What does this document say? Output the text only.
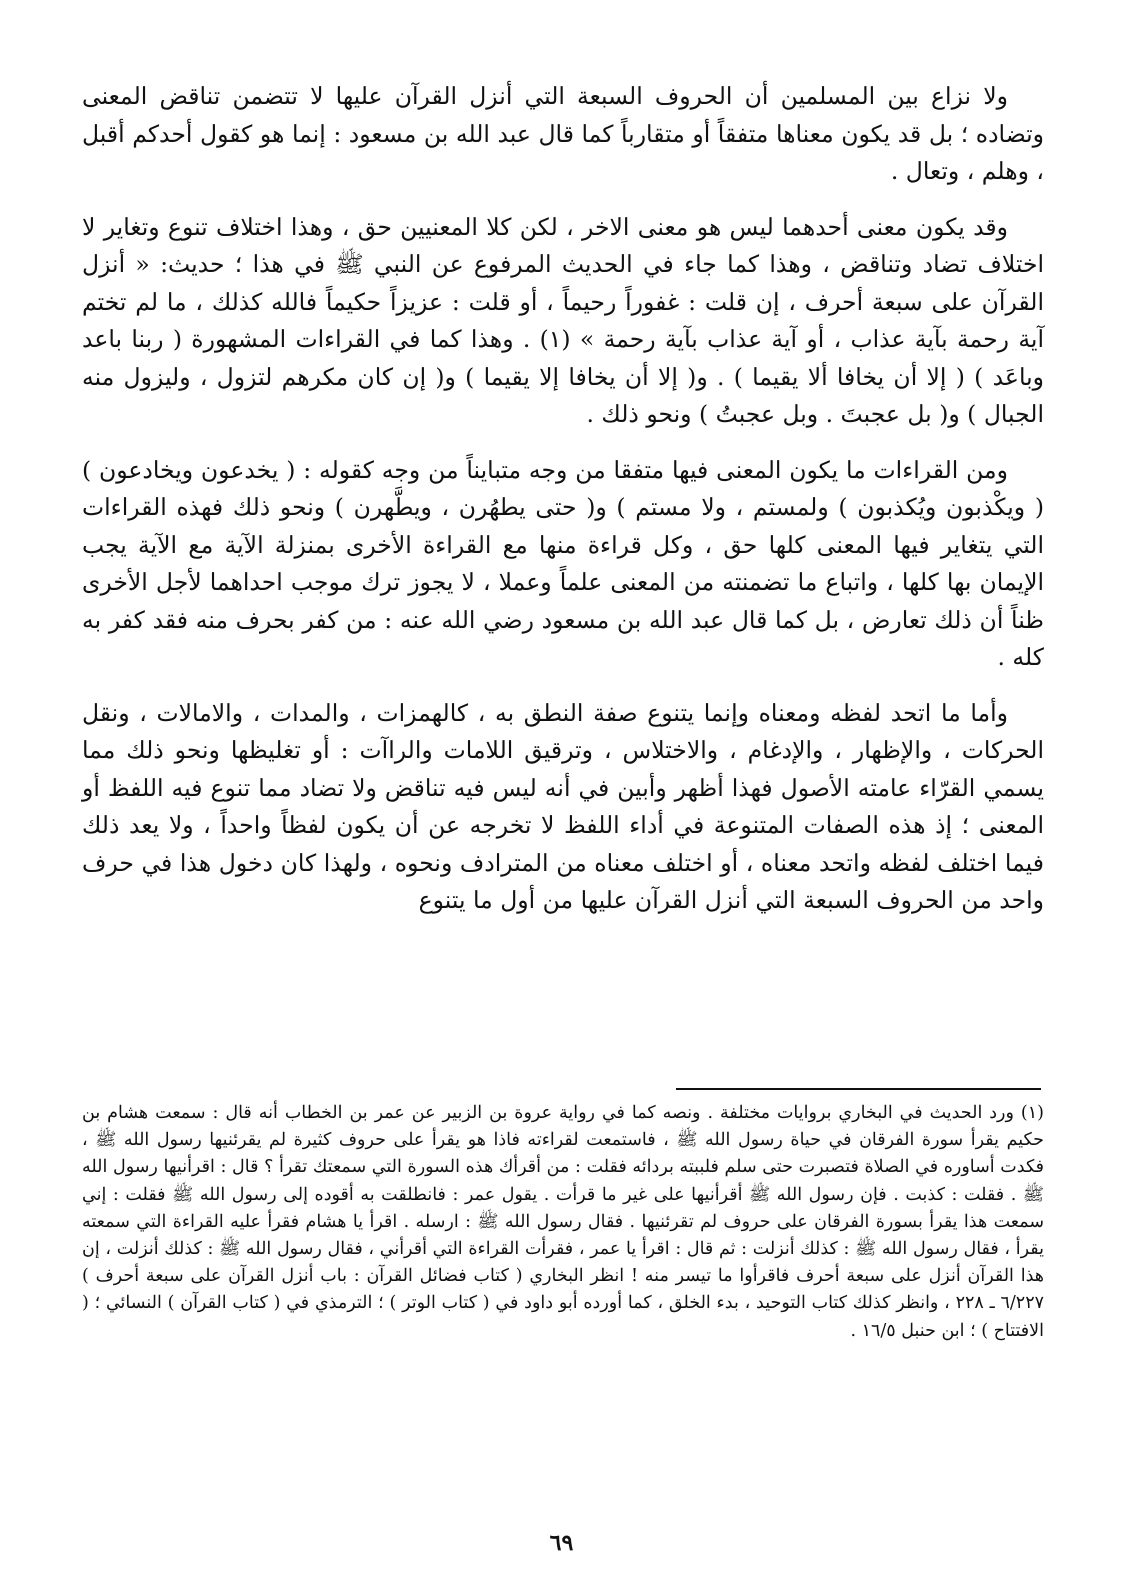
ولا نزاع بين المسلمين أن الحروف السبعة التي أنزل القرآن عليها لا تتضمن تناقض المعنى وتضاده ؛ بل قد يكون معناها متفقاً أو متقارباً كما قال عبد الله بن مسعود : إنما هو كقول أحدكم أقبل ، وهلم ، وتعال .

وقد يكون معنى أحدهما ليس هو معنى الاخر ، لكن كلا المعنيين حق ، وهذا اختلاف تنوع وتغاير لا اختلاف تضاد وتناقض ، وهذا كما جاء في الحديث المرفوع عن النبي ﷺ في هذا ؛ حديث: « أنزل القرآن على سبعة أحرف ، إن قلت : غفوراً رحيماً ، أو قلت : عزيزاً حكيماً فالله كذلك ، ما لم تختم آية رحمة بآية عذاب ، أو آية عذاب بآية رحمة » (١) . وهذا كما في القراءات المشهورة ( ربنا باعد وباعَد ) ( إلا أن يخافا ألا يقيما ) . و( إلا أن يخافا إلا يقيما ) و( إن كان مكرهم لتزول ، وليزول منه الجبال ) و( بل عجبتَ . وبل عجبتُ ) ونحو ذلك .

ومن القراءات ما يكون المعنى فيها متفقا من وجه متبايناً من وجه كقوله : ( يخدعون ويخادعون ) ( ويكْذبون ويُكذبون ) ولمستم ، ولا مستم ) و( حتى يطهُرن ، ويطَّهرن ) ونحو ذلك فهذه القراءات التي يتغاير فيها المعنى كلها حق ، وكل قراءة منها مع القراءة الأخرى بمنزلة الآية مع الآية يجب الإيمان بها كلها ، واتباع ما تضمنته من المعنى علماً وعملا ، لا يجوز ترك موجب احداهما لأجل الأخرى ظناً أن ذلك تعارض ، بل كما قال عبد الله بن مسعود رضي الله عنه : من كفر بحرف منه فقد كفر به كله .

وأما ما اتحد لفظه ومعناه وإنما يتنوع صفة النطق به ، كالهمزات ، والمدات ، والامالات ، ونقل الحركات ، والإظهار ، والإدغام ، والاختلاس ، وترقيق اللامات والراآت : أو تغليظها ونحو ذلك مما يسمي القرّاء عامته الأصول فهذا أظهر وأبين في أنه ليس فيه تناقض ولا تضاد مما تنوع فيه اللفظ أو المعنى ؛ إذ هذه الصفات المتنوعة في أداء اللفظ لا تخرجه عن أن يكون لفظاً واحداً ، ولا يعد ذلك فيما اختلف لفظه واتحد معناه ، أو اختلف معناه من المترادف ونحوه ، ولهذا كان دخول هذا في حرف واحد من الحروف السبعة التي أنزل القرآن عليها من أول ما يتنوع

(١) ورد الحديث في البخاري بروايات مختلفة . ونصه كما في رواية عروة بن الزبير عن عمر بن الخطاب أنه قال : سمعت هشام بن حكيم يقرأ سورة الفرقان في حياة رسول الله ﷺ ، فاستمعت لقراءته فاذا هو يقرأ على حروف كثيرة لم يقرئنيها رسول الله ﷺ ، فكدت أساوره في الصلاة فتصبرت حتى سلم فلببته بردائه فقلت : من أقرأك هذه السورة التي سمعتك تقرأ ؟ قال : اقرأنيها رسول الله ﷺ . فقلت : كذبت . فإن رسول الله ﷺ أقرأنيها على غير ما قرأت . يقول عمر : فانطلقت به أقوده إلى رسول الله ﷺ فقلت : إني سمعت هذا يقرأ بسورة الفرقان على حروف لم تقرئنيها . فقال رسول الله ﷺ : ارسله . اقرأ يا هشام فقرأ عليه القراءة التي سمعته يقرأ ، فقال رسول الله ﷺ : كذلك أنزلت : ثم قال : اقرأ يا عمر ، فقرأت القراءة التي أقرأني ، فقال رسول الله ﷺ : كذلك أنزلت ، إن هذا القرآن أنزل على سبعة أحرف فاقرأوا ما تيسر منه ! انظر البخاري ( كتاب فضائل القرآن : باب أنزل القرآن على سبعة أحرف ) ٦/٢٢٧ ـ ٢٢٨ ، وانظر كذلك كتاب التوحيد ، بدء الخلق ، كما أورده أبو داود في ( كتاب الوتر ) ؛ الترمذي في ( كتاب القرآن ) النسائي ؛ ( الافتتاح ) ؛ ابن حنبل ١٦/٥ .

٦٩
